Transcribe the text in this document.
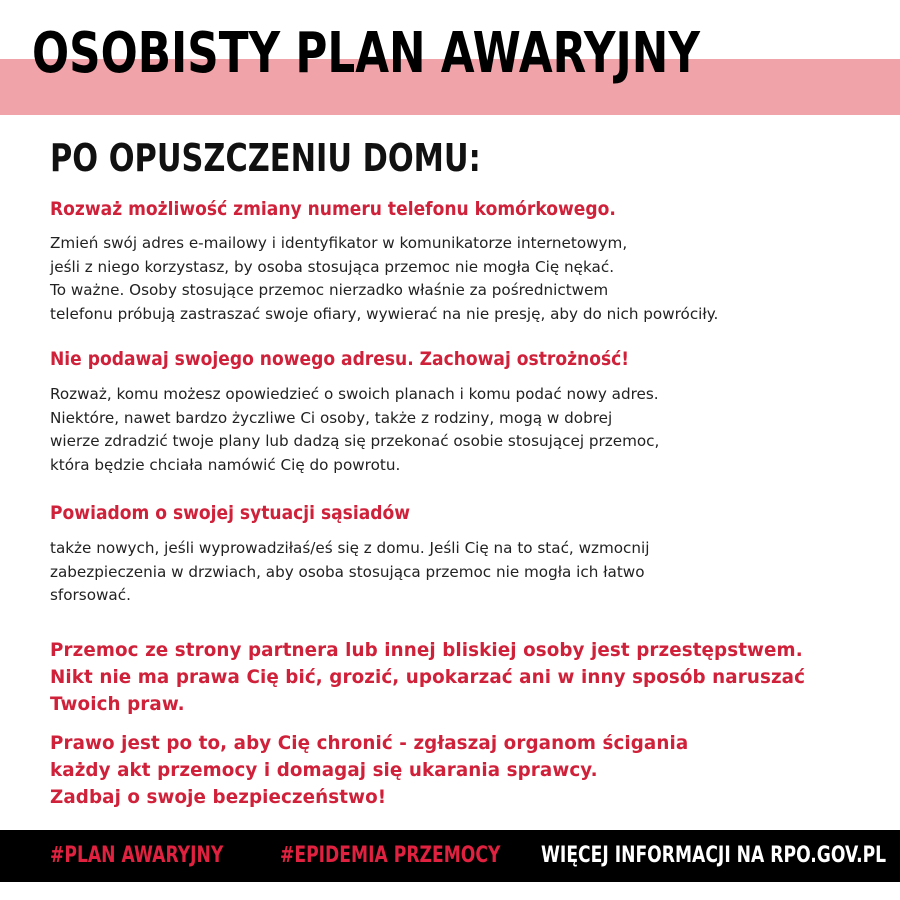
OSOBISTY PLAN AWARYJNY
PO OPUSZCZENIU DOMU:
Rozważ możliwość zmiany numeru telefonu komórkowego.
Zmień swój adres e-mailowy i identyfikator w komunikatorze internetowym,
jeśli z niego korzystasz, by osoba stosująca przemoc nie mogła Cię nękać.
To ważne. Osoby stosujące przemoc nierzadko właśnie za pośrednictwem
telefonu próbują zastraszać swoje ofiary, wywierać na nie presję, aby do nich powróciły.
Nie podawaj swojego nowego adresu. Zachowaj ostrożność!
Rozważ, komu możesz opowiedzieć o swoich planach i komu podać nowy adres.
Niektóre, nawet bardzo życzliwe Ci osoby, także z rodziny, mogą w dobrej
wierze zdradzić twoje plany lub dadzą się przekonać osobie stosującej przemoc,
która będzie chciała namówić Cię do powrotu.
Powiadom o swojej sytuacji sąsiadów
także nowych, jeśli wyprowadziłaś/eś się z domu. Jeśli Cię na to stać, wzmocnij
zabezpieczenia w drzwiach, aby osoba stosująca przemoc nie mogła ich łatwo
sforsować.
Przemoc ze strony partnera lub innej bliskiej osoby jest przestępstwem.
Nikt nie ma prawa Cię bić, grozić, upokarzać ani w inny sposób naruszać
Twoich praw.
Prawo jest po to, aby Cię chronić - zgłaszaj organom ścigania
każdy akt przemocy i domagaj się ukarania sprawcy.
Zadbaj o swoje bezpieczeństwo!
#PLAN AWARYJNY	#EPIDEMIA PRZEMOCY WIĘCEJ INFORMACJI NA RPO.GOV.PL
